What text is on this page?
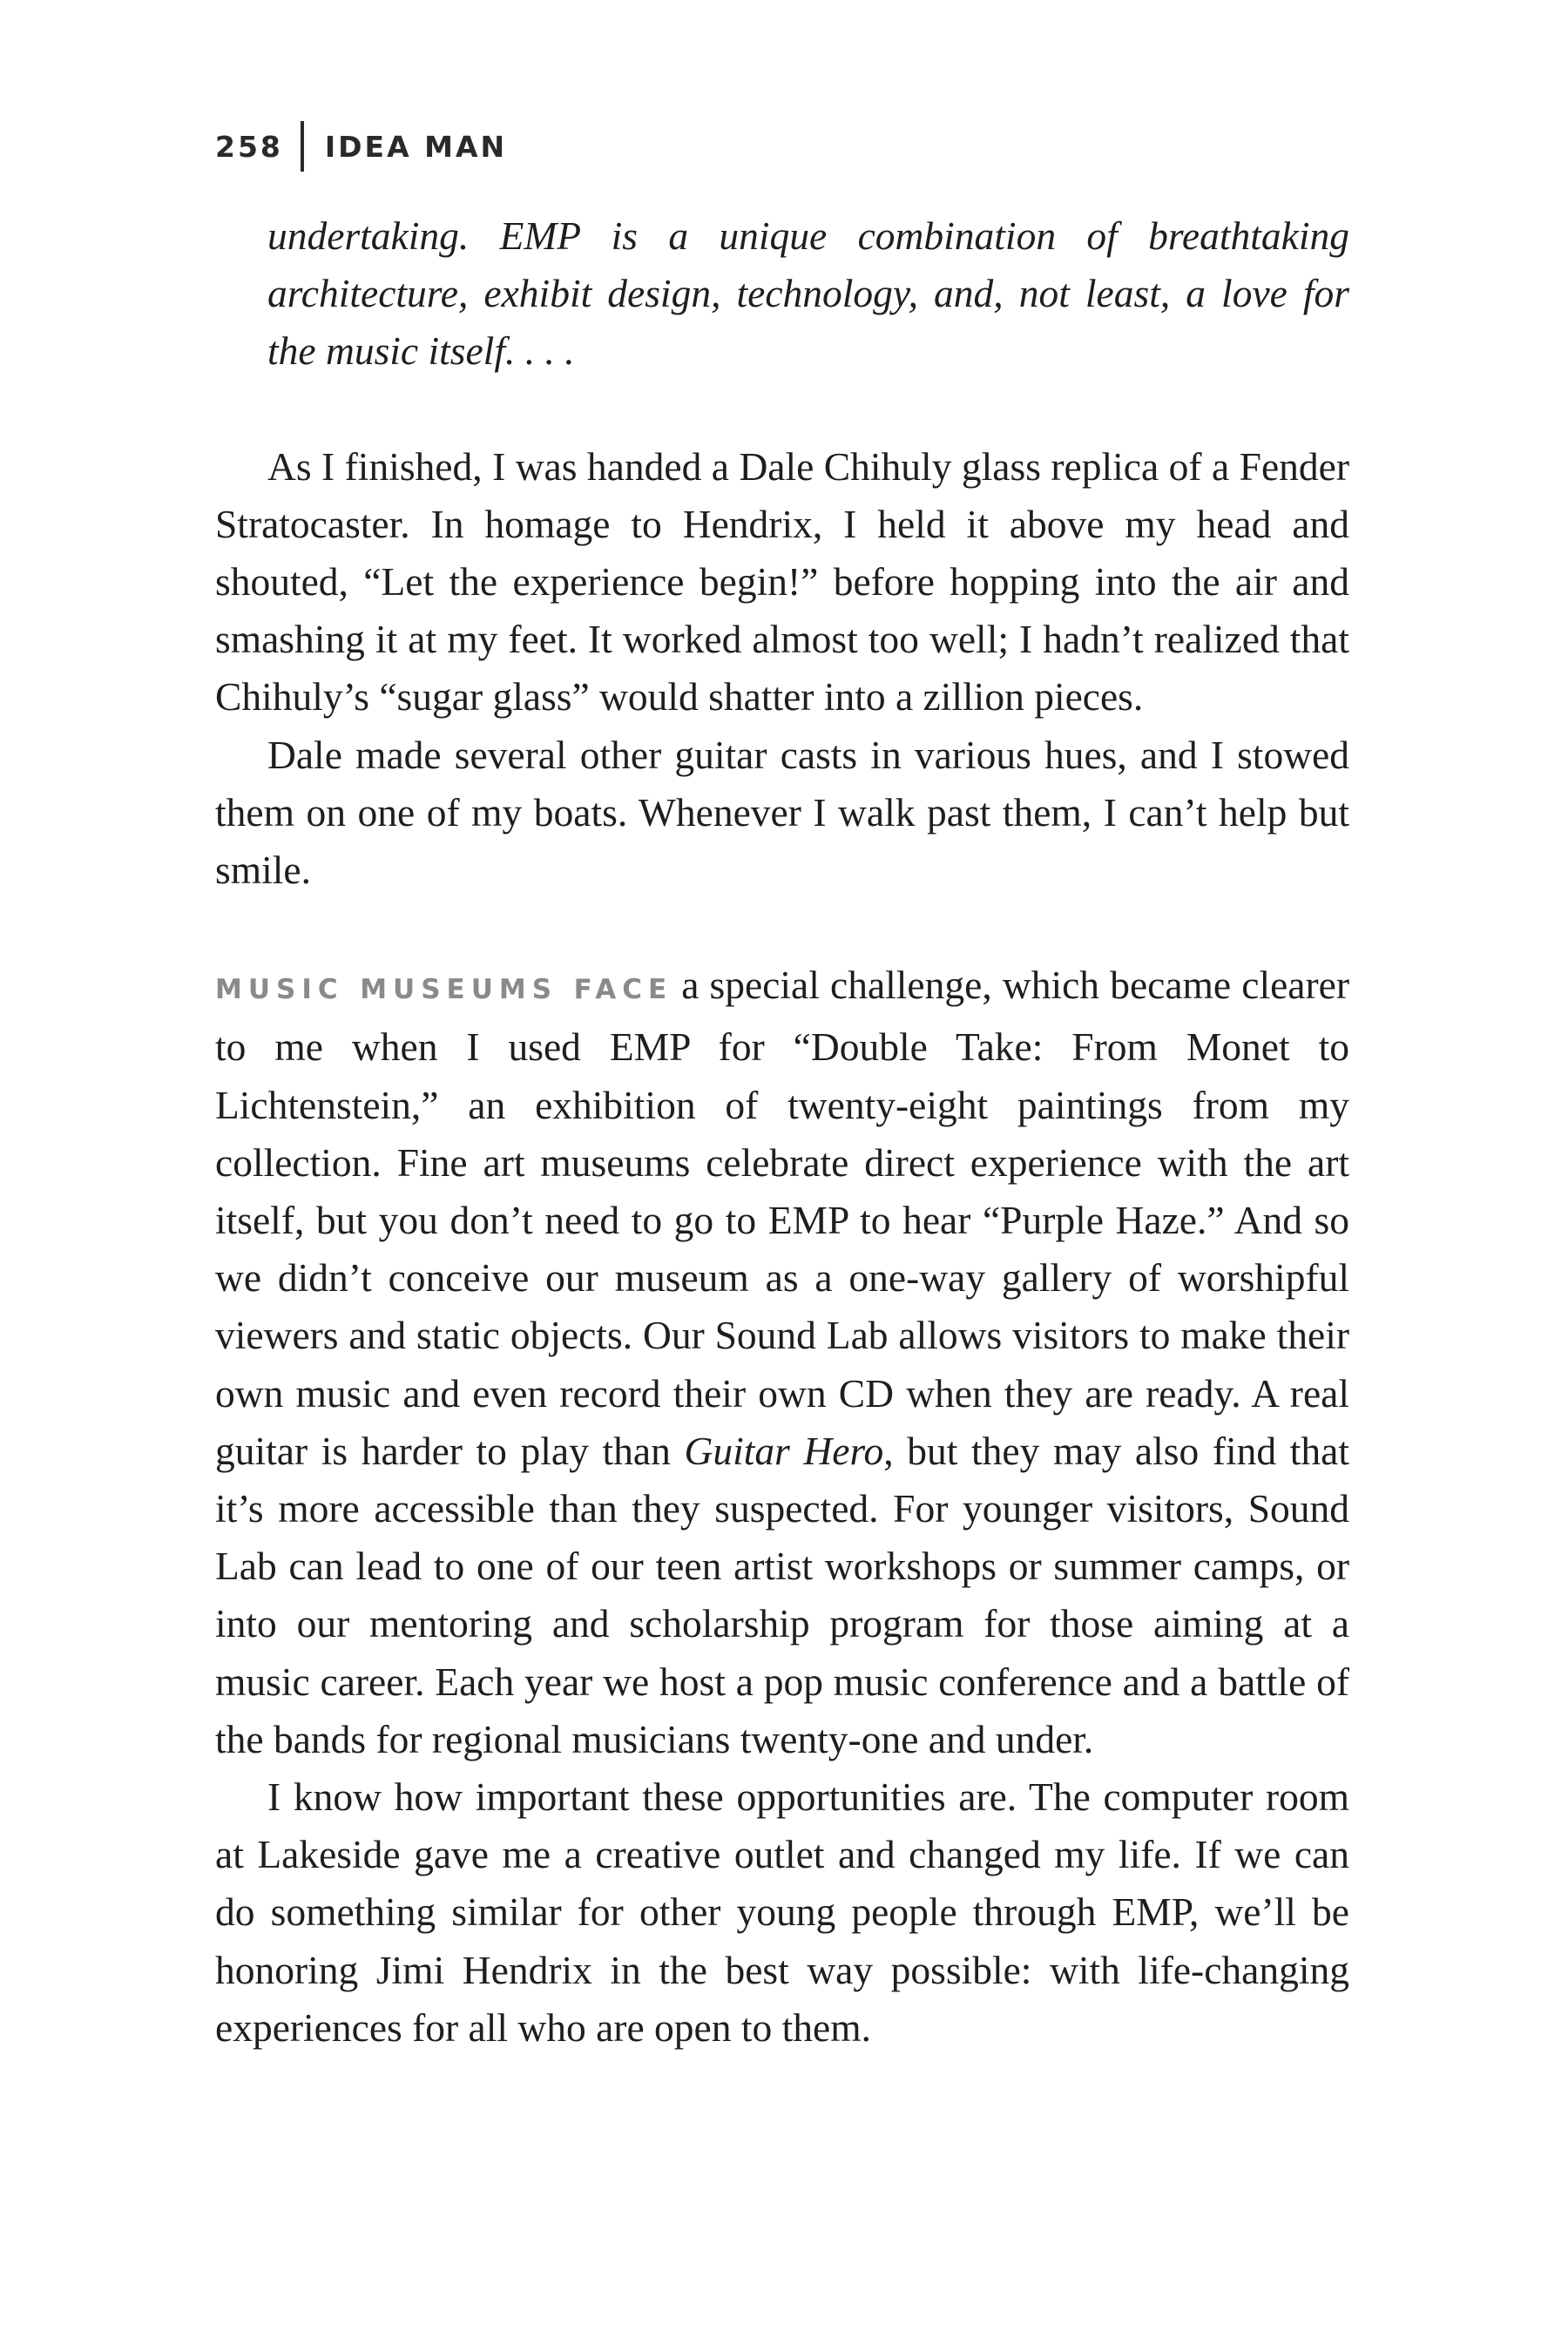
258 IDEA MAN

undertaking. EMP is a unique combination of breathtaking architecture, exhibit design, technology, and, not least, a love for the music itself. . . .

As I finished, I was handed a Dale Chihuly glass replica of a Fender Stratocaster. In homage to Hendrix, I held it above my head and shouted, “Let the experience begin!” before hopping into the air and smashing it at my feet. It worked almost too well; I hadn’t realized that Chihuly’s “sugar glass” would shatter into a zillion pieces.

Dale made several other guitar casts in various hues, and I stowed them on one of my boats. Whenever I walk past them, I can’t help but smile.

MUSIC MUSEUMS FACE a special challenge, which became clearer to me when I used EMP for “Double Take: From Monet to Lichtenstein,” an exhibition of twenty-eight paintings from my collection. Fine art museums celebrate direct experience with the art itself, but you don’t need to go to EMP to hear “Purple Haze.” And so we didn’t conceive our museum as a one-way gallery of worshipful viewers and static objects. Our Sound Lab allows visitors to make their own music and even record their own CD when they are ready. A real guitar is harder to play than Guitar Hero, but they may also find that it’s more accessible than they suspected. For younger visitors, Sound Lab can lead to one of our teen artist workshops or summer camps, or into our mentoring and scholarship program for those aiming at a music career. Each year we host a pop music conference and a battle of the bands for regional musicians twenty-one and under.

I know how important these opportunities are. The computer room at Lakeside gave me a creative outlet and changed my life. If we can do something similar for other young people through EMP, we’ll be honoring Jimi Hendrix in the best way possible: with life-changing experiences for all who are open to them.
